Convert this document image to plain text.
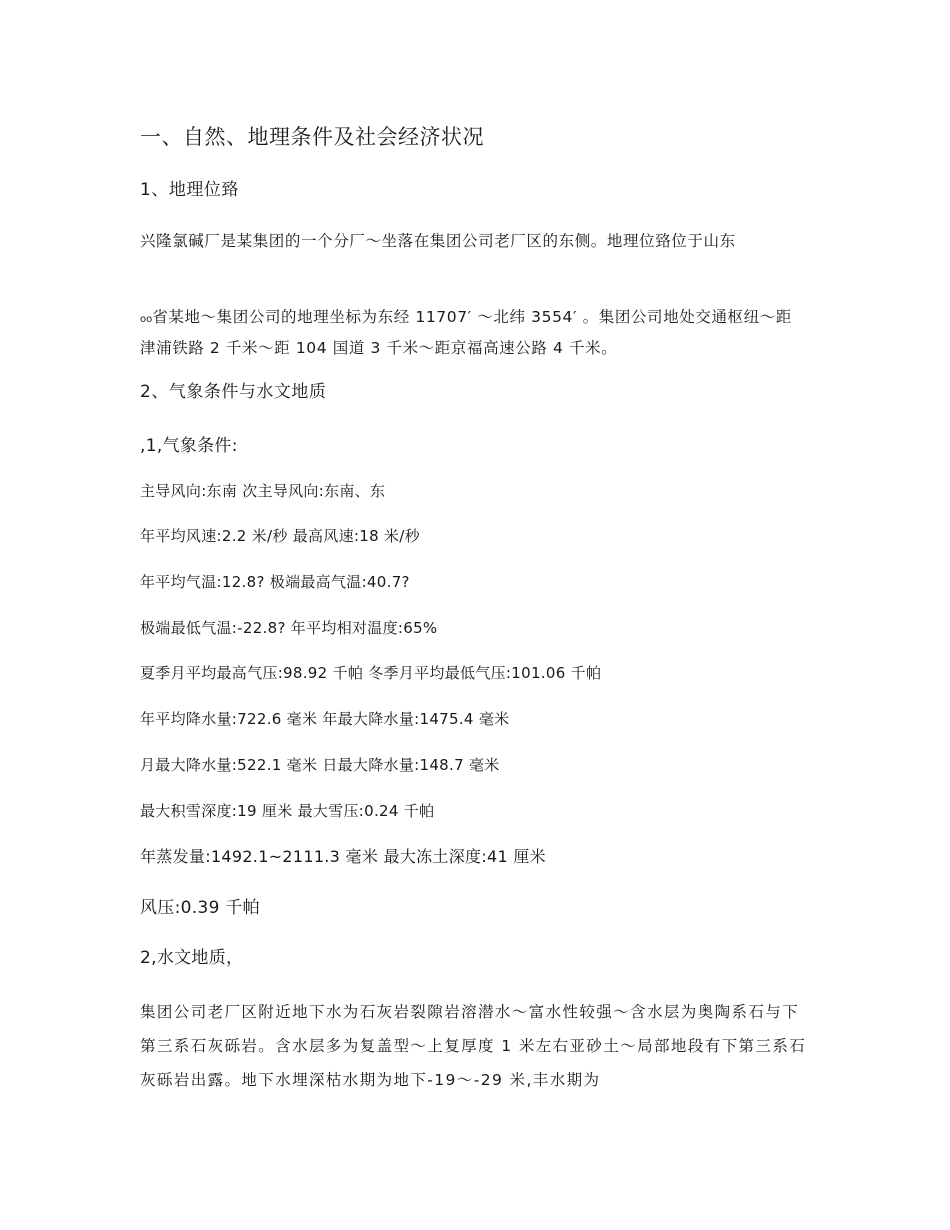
一、自然、地理条件及社会经济状况
1、地理位臵

兴隆氯碱厂是某集团的一个分厂～坐落在集团公司老厂区的东侧。地理位臵位于山东

oo省某地～集团公司的地理坐标为东经 11707′ ～北纬 3554′ 。集团公司地处交通枢纽～距津浦铁路 2 千米～距 104 国道 3 千米～距京福高速公路 4 千米。

2、气象条件与水文地质
,1,气象条件:

主导风向:东南 次主导风向:东南、东

年平均风速:2.2 米/秒 最高风速:18 米/秒

年平均气温:12.8? 极端最高气温:40.7?

极端最低气温:-22.8? 年平均相对温度:65%

夏季月平均最高气压:98.92 千帕 冬季月平均最低气压:101.06 千帕

年平均降水量:722.6 毫米 年最大降水量:1475.4 毫米

月最大降水量:522.1 毫米 日最大降水量:148.7 毫米

最大积雪深度:19 厘米 最大雪压:0.24 千帕

年蒸发量:1492.1~2111.3 毫米 最大冻土深度:41 厘米

风压:0.39 千帕

2,水文地质，

集团公司老厂区附近地下水为石灰岩裂隙岩溶潜水～富水性较强～含水层为奥陶系石与下第三系石灰砾岩。含水层多为复盖型～上复厚度 1 米左右亚砂土～局部地段有下第三系石灰砾岩出露。地下水埋深枯水期为地下-19～-29 米,丰水期为
